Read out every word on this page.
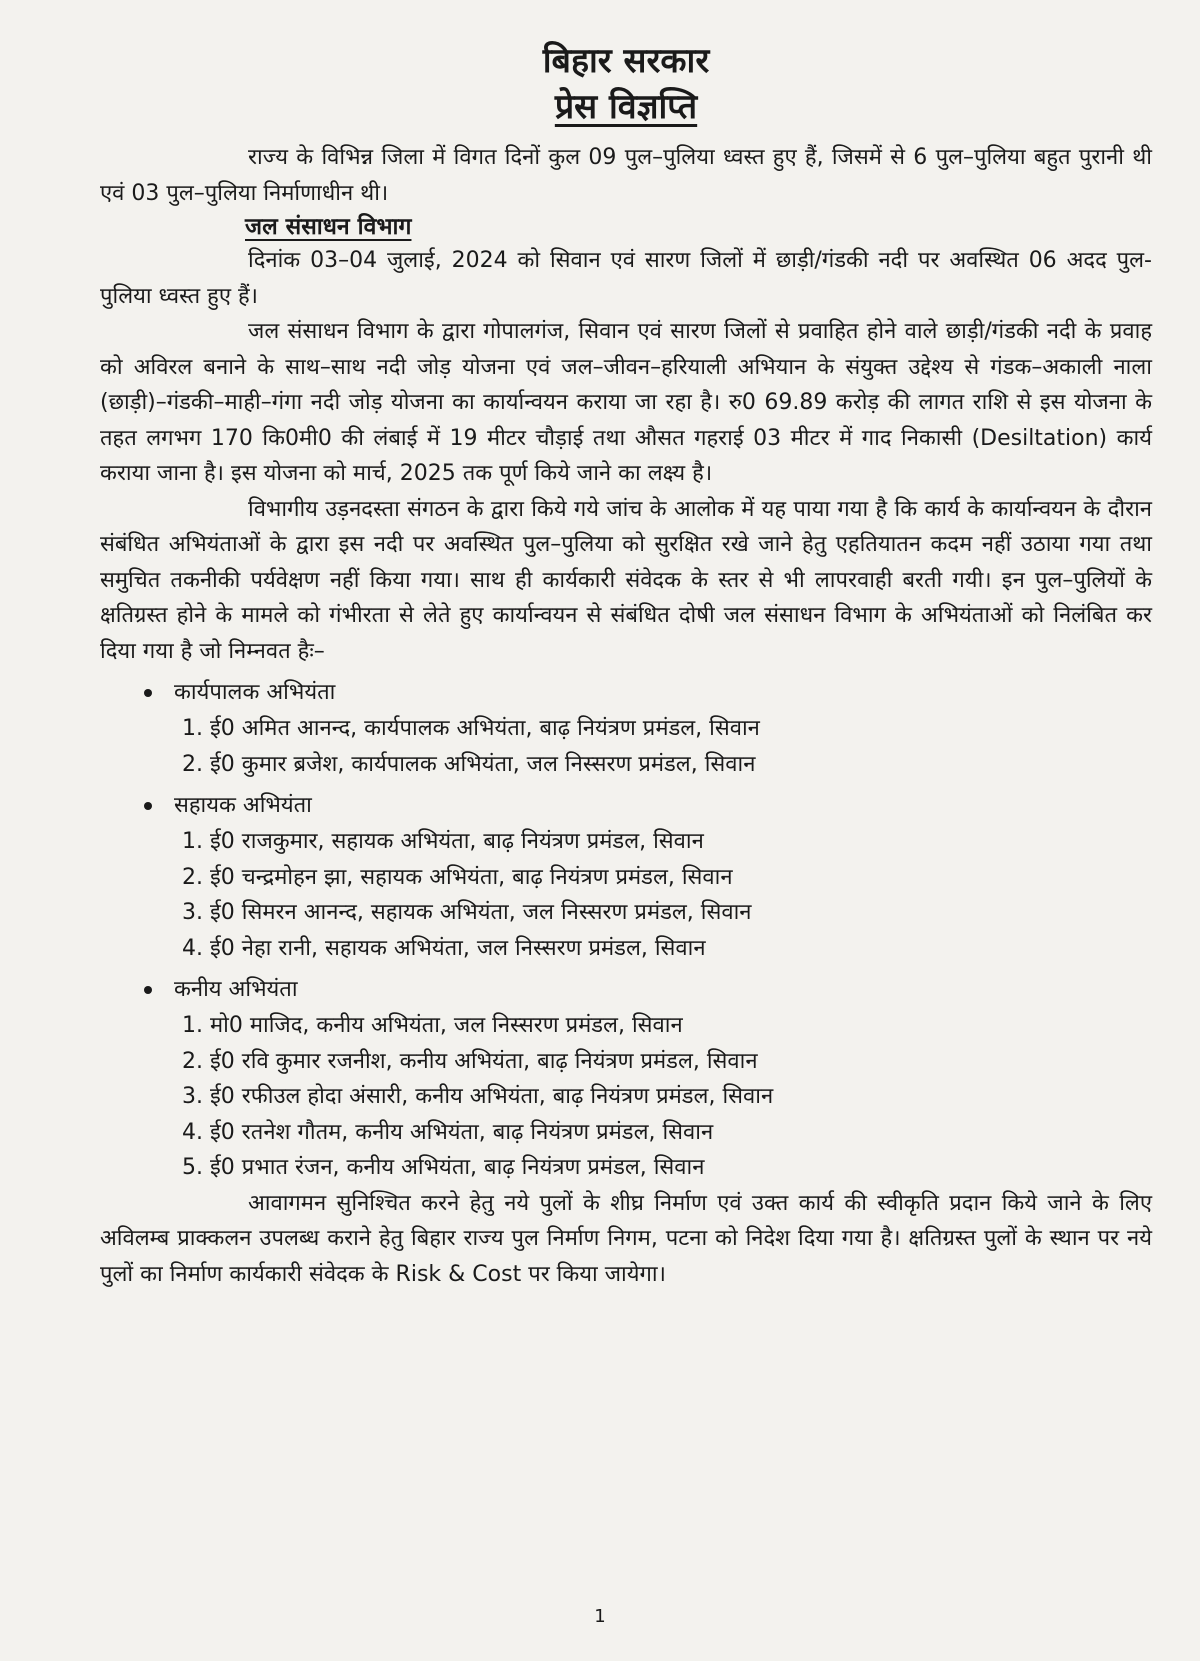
बिहार सरकार
प्रेस विज्ञप्ति

राज्य के विभिन्न जिला में विगत दिनों कुल 09 पुल–पुलिया ध्वस्त हुए हैं, जिसमें से 6 पुल–पुलिया बहुत पुरानी थी एवं 03 पुल–पुलिया निर्माणाधीन थी।

जल संसाधन विभाग

दिनांक 03–04 जुलाई, 2024 को सिवान एवं सारण जिलों में छाड़ी/गंडकी नदी पर अवस्थित 06 अदद पुल-पुलिया ध्वस्त हुए हैं।

जल संसाधन विभाग के द्वारा गोपालगंज, सिवान एवं सारण जिलों से प्रवाहित होने वाले छाड़ी/गंडकी नदी के प्रवाह को अविरल बनाने के साथ–साथ नदी जोड़ योजना एवं जल–जीवन–हरियाली अभियान के संयुक्त उद्देश्य से गंडक–अकाली नाला (छाड़ी)–गंडकी–माही–गंगा नदी जोड़ योजना का कार्यान्वयन कराया जा रहा है। रु0 69.89 करोड़ की लागत राशि से इस योजना के तहत लगभग 170 कि0मी0 की लंबाई में 19 मीटर चौड़ाई तथा औसत गहराई 03 मीटर में गाद निकासी (Desiltation) कार्य कराया जाना है। इस योजना को मार्च, 2025 तक पूर्ण किये जाने का लक्ष्य है।

विभागीय उड़नदस्ता संगठन के द्वारा किये गये जांच के आलोक में यह पाया गया है कि कार्य के कार्यान्वयन के दौरान संबंधित अभियंताओं के द्वारा इस नदी पर अवस्थित पुल–पुलिया को सुरक्षित रखे जाने हेतु एहतियातन कदम नहीं उठाया गया तथा समुचित तकनीकी पर्यवेक्षण नहीं किया गया। साथ ही कार्यकारी संवेदक के स्तर से भी लापरवाही बरती गयी। इन पुल–पुलियों के क्षतिग्रस्त होने के मामले को गंभीरता से लेते हुए कार्यान्वयन से संबंधित दोषी जल संसाधन विभाग के अभियंताओं को निलंबित कर दिया गया है जो निम्नवत हैः–

कार्यपालक अभियंता
1. ई0 अमित आनन्द, कार्यपालक अभियंता, बाढ़ नियंत्रण प्रमंडल, सिवान
2. ई0 कुमार ब्रजेश, कार्यपालक अभियंता, जल निस्सरण प्रमंडल, सिवान
सहायक अभियंता
1. ई0 राजकुमार, सहायक अभियंता, बाढ़ नियंत्रण प्रमंडल, सिवान
2. ई0 चन्द्रमोहन झा, सहायक अभियंता, बाढ़ नियंत्रण प्रमंडल, सिवान
3. ई0 सिमरन आनन्द, सहायक अभियंता, जल निस्सरण प्रमंडल, सिवान
4. ई0 नेहा रानी, सहायक अभियंता, जल निस्सरण प्रमंडल, सिवान
कनीय अभियंता
1. मो0 माजिद, कनीय अभियंता, जल निस्सरण प्रमंडल, सिवान
2. ई0 रवि कुमार रजनीश, कनीय अभियंता, बाढ़ नियंत्रण प्रमंडल, सिवान
3. ई0 रफीउल होदा अंसारी, कनीय अभियंता, बाढ़ नियंत्रण प्रमंडल, सिवान
4. ई0 रतनेश गौतम, कनीय अभियंता, बाढ़ नियंत्रण प्रमंडल, सिवान
5. ई0 प्रभात रंजन, कनीय अभियंता, बाढ़ नियंत्रण प्रमंडल, सिवान

आवागमन सुनिश्चित करने हेतु नये पुलों के शीघ्र निर्माण एवं उक्त कार्य की स्वीकृति प्रदान किये जाने के लिए अविलम्ब प्राक्कलन उपलब्ध कराने हेतु बिहार राज्य पुल निर्माण निगम, पटना को निदेश दिया गया है। क्षतिग्रस्त पुलों के स्थान पर नये पुलों का निर्माण कार्यकारी संवेदक के Risk & Cost पर किया जायेगा।

1
